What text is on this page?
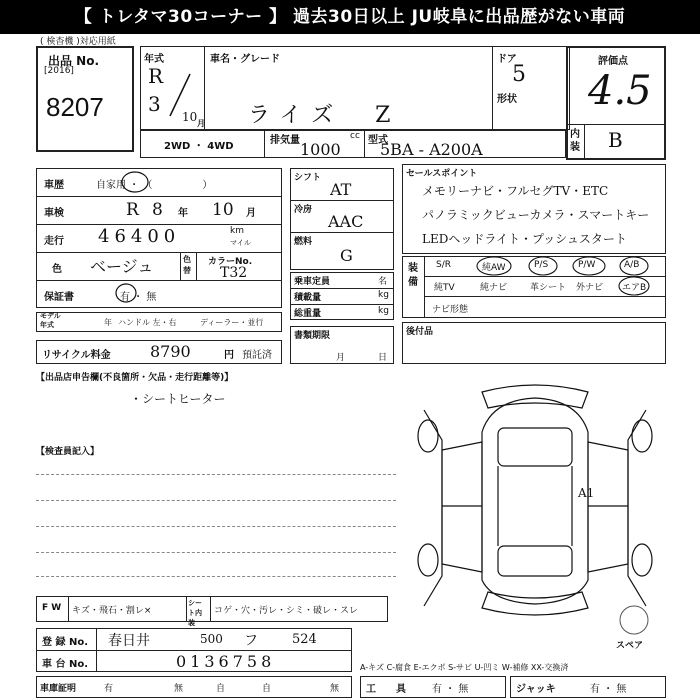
【 トレタマ30コーナー 】 過去30日以上 JU岐阜に出品歴がない車両
( 検杳機 )対応用紙
出品 No.
[2016]
8207
年式
R
3
10 月
車名・グレード
ライズ　Z
ドア
5
形状
評価点
4.5
内装 B
2WD ・ 4WD
排気量	cc
1000	型式
5BA - A200A
車歴	自家用 ・ （　　　　　）
車検	R 8 年 10 月
走行 46400	km
マイル
色 ベージュ	色替
カラーNo.
T32
保証書	有 ・ 無
モデル年式	年 ハンドル 左・右	ディーラー・並行
リサイクル料金 8790	円 預託済
シフト
AT
冷房
AAC
燃料
G
乗車定員	名
積載量	kg
総重量	kg
書類期限
月	日
セールスポイント
メモリーナビ・フルセグTV・ETC
パノラミックビューカメラ・スマートキー
LEDヘッドライト・プッシュスタート
装備
S/R	純AW	P/S	P/W	A/B
純TV	純ナビ	革シート 外ナビ エアB
ナビ形態
後付品
【出品店申告欄(不良箇所・欠品・走行距離等)】
・シートヒーター
【検査員記入】
A1
スペア
F W キズ・飛石・割レ×
シート内装
コゲ・穴・汚レ・シミ・破レ・スレ
登 録 No. 春日井	500 フ	524
車 台 No.	0136758	A-キズ C-腐食 E-エクボ S-サビ U-凹ミ W-補修 XX-交換済
車庫証明	有	無	自	自	無	工　　具	有 ・ 無	ジャッキ	有 ・ 無
